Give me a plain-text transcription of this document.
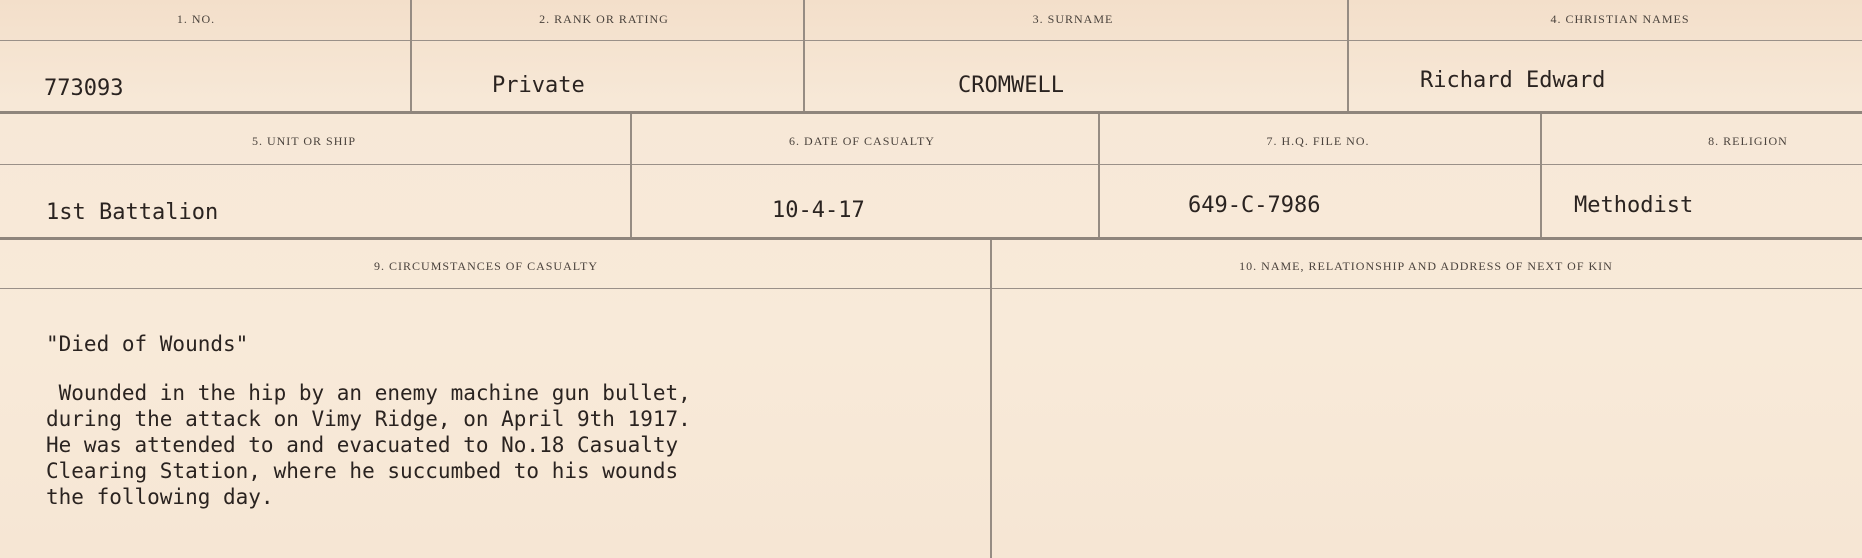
1. NO.	2. RANK OR RATING	3. SURNAME	4. CHRISTIAN NAMES
773093	Private	CROMWELL	Richard Edward
5. UNIT OR SHIP	6. DATE OF CASUALTY	7. H.Q. FILE NO.	8. RELIGION
1st Battalion	10-4-17	649-C-7986	Methodist
9. CIRCUMSTANCES OF CASUALTY	10. NAME, RELATIONSHIP AND ADDRESS OF NEXT OF KIN
"Died of Wounds"
Wounded in the hip by an enemy machine gun bullet,
during the attack on Vimy Ridge, on April 9th 1917.
He was attended to and evacuated to No.18 Casualty
Clearing Station, where he succumbed to his wounds
the following day.
